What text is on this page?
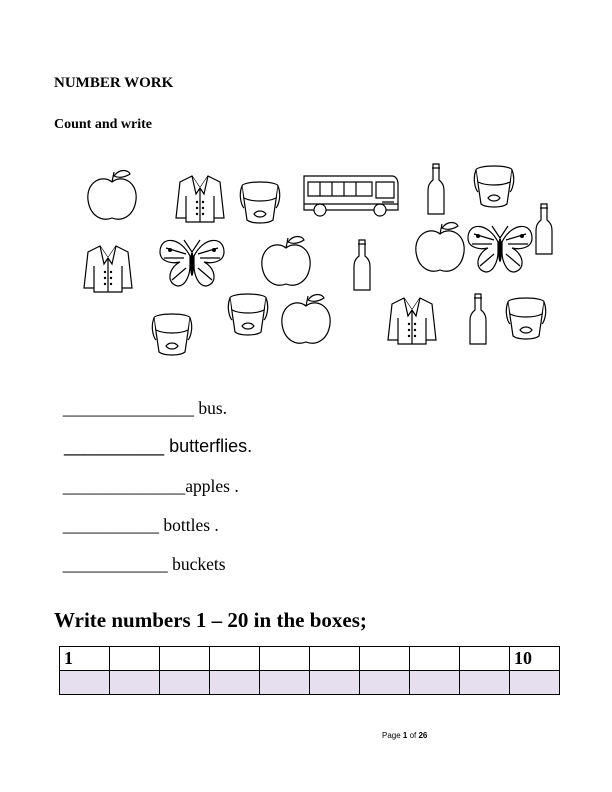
NUMBER WORK
Count and write

_______________ bus.

__________ butterflies.

______________apples .

___________ bottles .

____________ buckets

Write numbers 1 – 20 in the boxes;
1									10

Page 1 of 26
